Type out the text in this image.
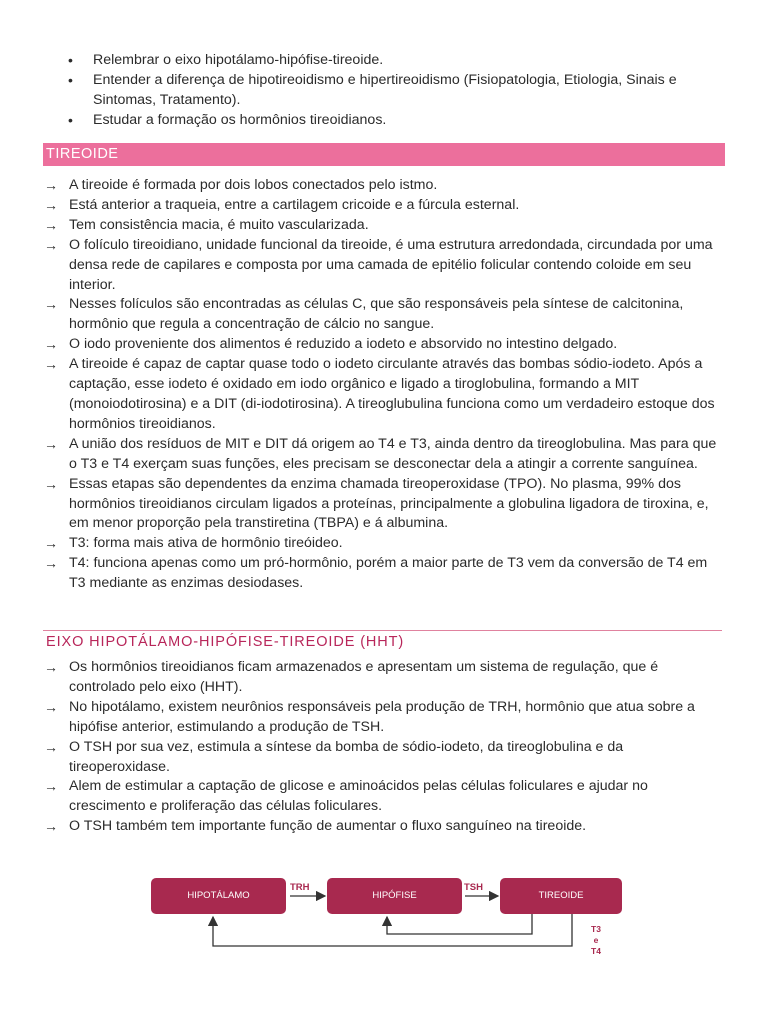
• Relembrar o eixo hipotálamo-hipófise-tireoide.
• Entender a diferença de hipotireoidismo e hipertireoidismo (Fisiopatologia, Etiologia, Sinais e Sintomas, Tratamento).
• Estudar a formação os hormônios tireoidianos.
TIREOIDE
→ A tireoide é formada por dois lobos conectados pelo istmo.
→ Está anterior a traqueia, entre a cartilagem cricoide e a fúrcula esternal.
→ Tem consistência macia, é muito vascularizada.
→ O folículo tireoidiano, unidade funcional da tireoide, é uma estrutura arredondada, circundada por uma densa rede de capilares e composta por uma camada de epitélio folicular contendo coloide em seu interior.
→ Nesses folículos são encontradas as células C, que são responsáveis pela síntese de calcitonina, hormônio que regula a concentração de cálcio no sangue.
→ O iodo proveniente dos alimentos é reduzido a iodeto e absorvido no intestino delgado.
→ A tireoide é capaz de captar quase todo o iodeto circulante através das bombas sódio-iodeto. Após a captação, esse iodeto é oxidado em iodo orgânico e ligado a tiroglobulina, formando a MIT (monoiodotirosina) e a DIT (di-iodotirosina). A tireoglubulina funciona como um verdadeiro estoque dos hormônios tireoidianos.
→ A união dos resíduos de MIT e DIT dá origem ao T4 e T3, ainda dentro da tireoglobulina. Mas para que o T3 e T4 exerçam suas funções, eles precisam se desconectar dela a atingir a corrente sanguínea.
→ Essas etapas são dependentes da enzima chamada tireoperoxidase (TPO). No plasma, 99% dos hormônios tireoidianos circulam ligados a proteínas, principalmente a globulina ligadora de tiroxina, e, em menor proporção pela transtiretina (TBPA) e á albumina.
→ T3: forma mais ativa de hormônio tireóideo.
→ T4: funciona apenas como um pró-hormônio, porém a maior parte de T3 vem da conversão de T4 em T3 mediante as enzimas desiodases.
EIXO HIPOTÁLAMO-HIPÓFISE-TIREOIDE (HHT)
→ Os hormônios tireoidianos ficam armazenados e apresentam um sistema de regulação, que é controlado pelo eixo (HHT).
→ No hipotálamo, existem neurônios responsáveis pela produção de TRH, hormônio que atua sobre a hipófise anterior, estimulando a produção de TSH.
→ O TSH por sua vez, estimula a síntese da bomba de sódio-iodeto, da tireoglobulina e da tireoperoxidase.
→ Alem de estimular a captação de glicose e aminoácidos pelas células foliculares e ajudar no crescimento e proliferação das células foliculares.
→ O TSH também tem importante função de aumentar o fluxo sanguíneo na tireoide.
HIPOTÁLAMO	HIPÓFISE	TIREOIDE
TRH	TSH
T3
e
T4
